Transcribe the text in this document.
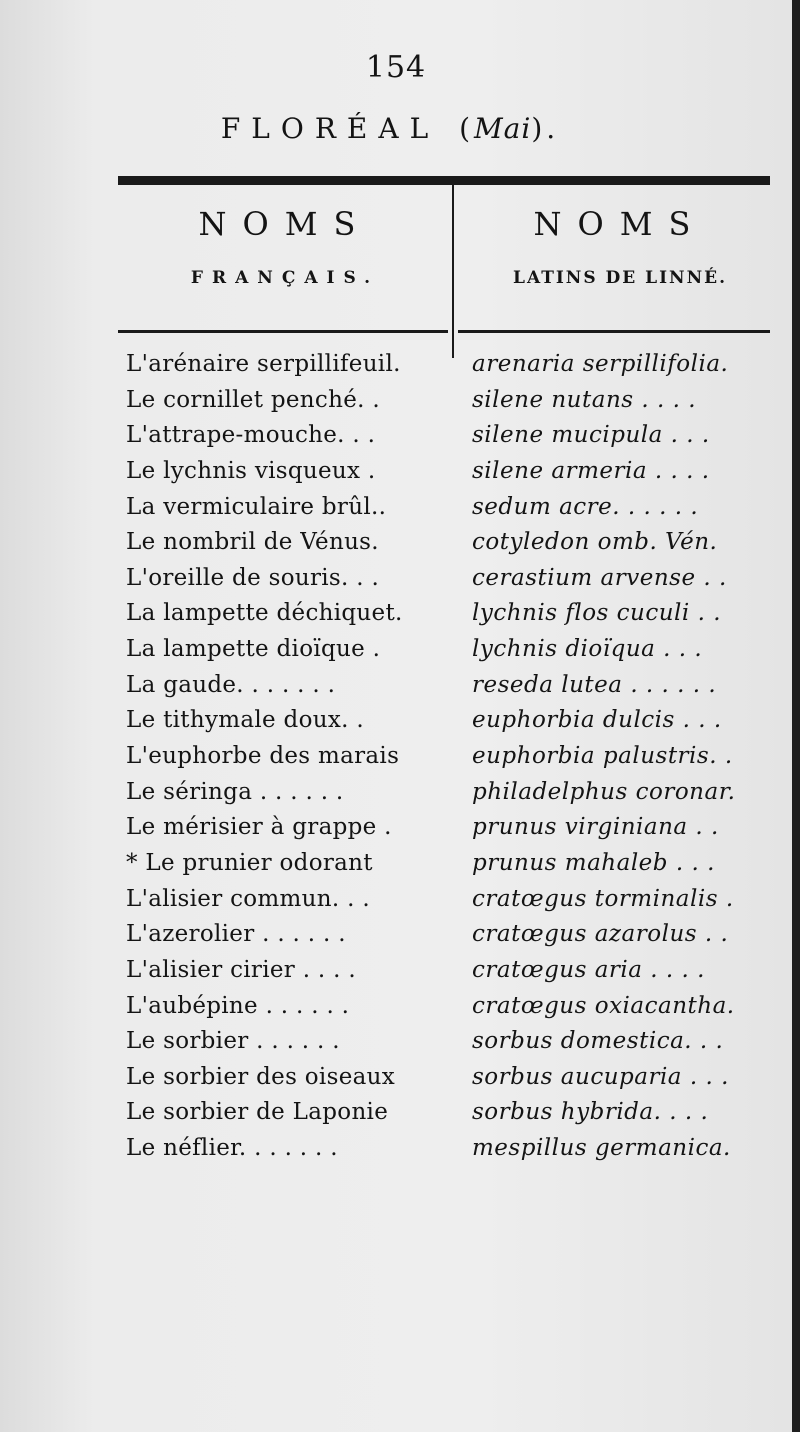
154
FLORÉAL (Mai).
NOMS
FRANÇAIS.
NOMS
LATINS DE LINNÉ.
L'arénaire serpillifeuil.	arenaria serpillifolia.
Le cornillet penché. .	silene nutans . . . .
L'attrape-mouche. . .	silene mucipula . . .
Le lychnis visqueux .	silene armeria . . . .
La vermiculaire brûl..	sedum acre. . . . . .
Le nombril de Vénus.	cotyledon omb. Vén.
L'oreille de souris. . .	cerastium arvense . .
La lampette déchiquet.	lychnis flos cuculi . .
La lampette dioïque .	lychnis dioïqua . . .
La gaude. . . . . . .	reseda lutea . . . . . .
Le tithymale doux. .	euphorbia dulcis . . .
L'euphorbe des marais	euphorbia palustris. .
Le séringa . . . . . .	philadelphus coronar.
Le mérisier à grappe .	prunus virginiana . .
* Le prunier odorant	prunus mahaleb . . .
L'alisier commun. . .	cratœgus torminalis .
L'azerolier . . . . . .	cratœgus azarolus . .
L'alisier cirier . . . .	cratœgus aria . . . .
L'aubépine . . . . . .	cratœgus oxiacantha.
Le sorbier . . . . . .	sorbus domestica. . .
Le sorbier des oiseaux	sorbus aucuparia . . .
Le sorbier de Laponie	sorbus hybrida. . . .
Le néflier. . . . . . .	mespillus germanica.
